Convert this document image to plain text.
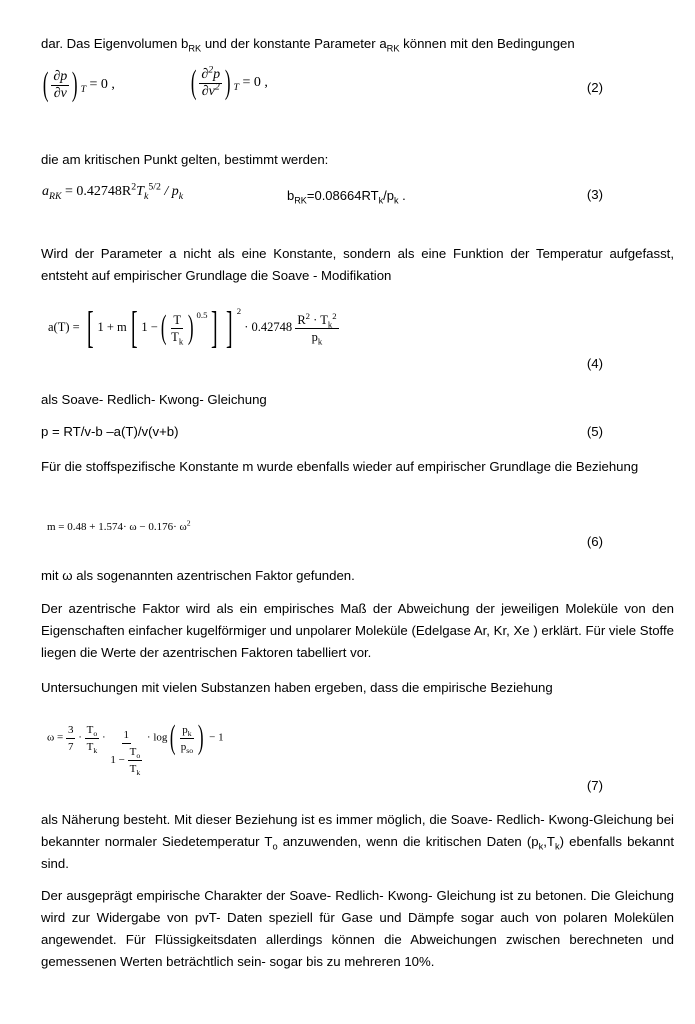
dar. Das Eigenvolumen $b_{RK}$ und der konstante Parameter $a_{RK}$ können mit den Bedingungen
( $\frac{\partial p}{\partial v}$ ) $_T$ = 0 , ( $\frac{\partial^2p}{\partial v^2}$ ) $_T$ = 0 ,	(2)
die am kritischen Punkt gelten, bestimmt werden:
$a_{RK} = 0.42748R^2T_k^{5/2} / p_k$	$b_{RK}=0.08664RT_k/p_k$ .	(3)
Wird der Parameter a nicht als eine Konstante, sondern als eine Funktion der Temperatur aufgefasst, entsteht auf empirischer Grundlage die Soave - Modifikation
a(T) = [ 1 + m[ 1 −( $\frac{T}{T_k}$ ) $^{0.5}$] ] $^2 \cdot 0.42748 \frac{R^2 \cdot T_k^2}{p_k}$
(4)
als Soave- Redlich- Kwong- Gleichung
p = RT/v-b –a(T)/v(v+b)	(5)
Für die stoffspezifische Konstante m wurde ebenfalls wieder auf empirischer Grundlage die Beziehung
$m = 0.48 + 1.574\cdot \omega - 0.176\cdot \omega^2$
(6)
mit ω als sogenannten azentrischen Faktor gefunden.
Der azentrische Faktor wird als ein empirisches Maß der Abweichung der jeweiligen Moleküle von den Eigenschaften einfacher kugelförmiger und unpolarer Moleküle (Edelgase Ar, Kr, Xe ) erklärt. Für viele Stoffe liegen die Werte der azentrischen Faktoren tabelliert vor.
Untersuchungen mit vielen Substanzen haben ergeben, dass die empirische Beziehung
$\omega = \frac{3}{7} \cdot \frac{T_o}{T_k} \cdot \frac{1}{1 - \frac{T_o}{T_k}} \cdot \log( \frac{p_k}{p_{so}}$ ) − 1
(7)
als Näherung besteht. Mit dieser Beziehung ist es immer möglich, die Soave- Redlich- Kwong-Gleichung bei bekannter normaler Siedetemperatur $T_o$ anzuwenden, wenn die kritischen Daten $(p_k,T_k)$ ebenfalls bekannt sind.
Der ausgeprägt empirische Charakter der Soave- Redlich- Kwong- Gleichung ist zu betonen. Die Gleichung wird zur Widergabe von pvT- Daten speziell für Gase und Dämpfe sogar auch von polaren Molekülen angewendet. Für Flüssigkeitsdaten allerdings können die Abweichungen zwischen berechneten und gemessenen Werten beträchtlich sein- sogar bis zu mehreren 10%.
